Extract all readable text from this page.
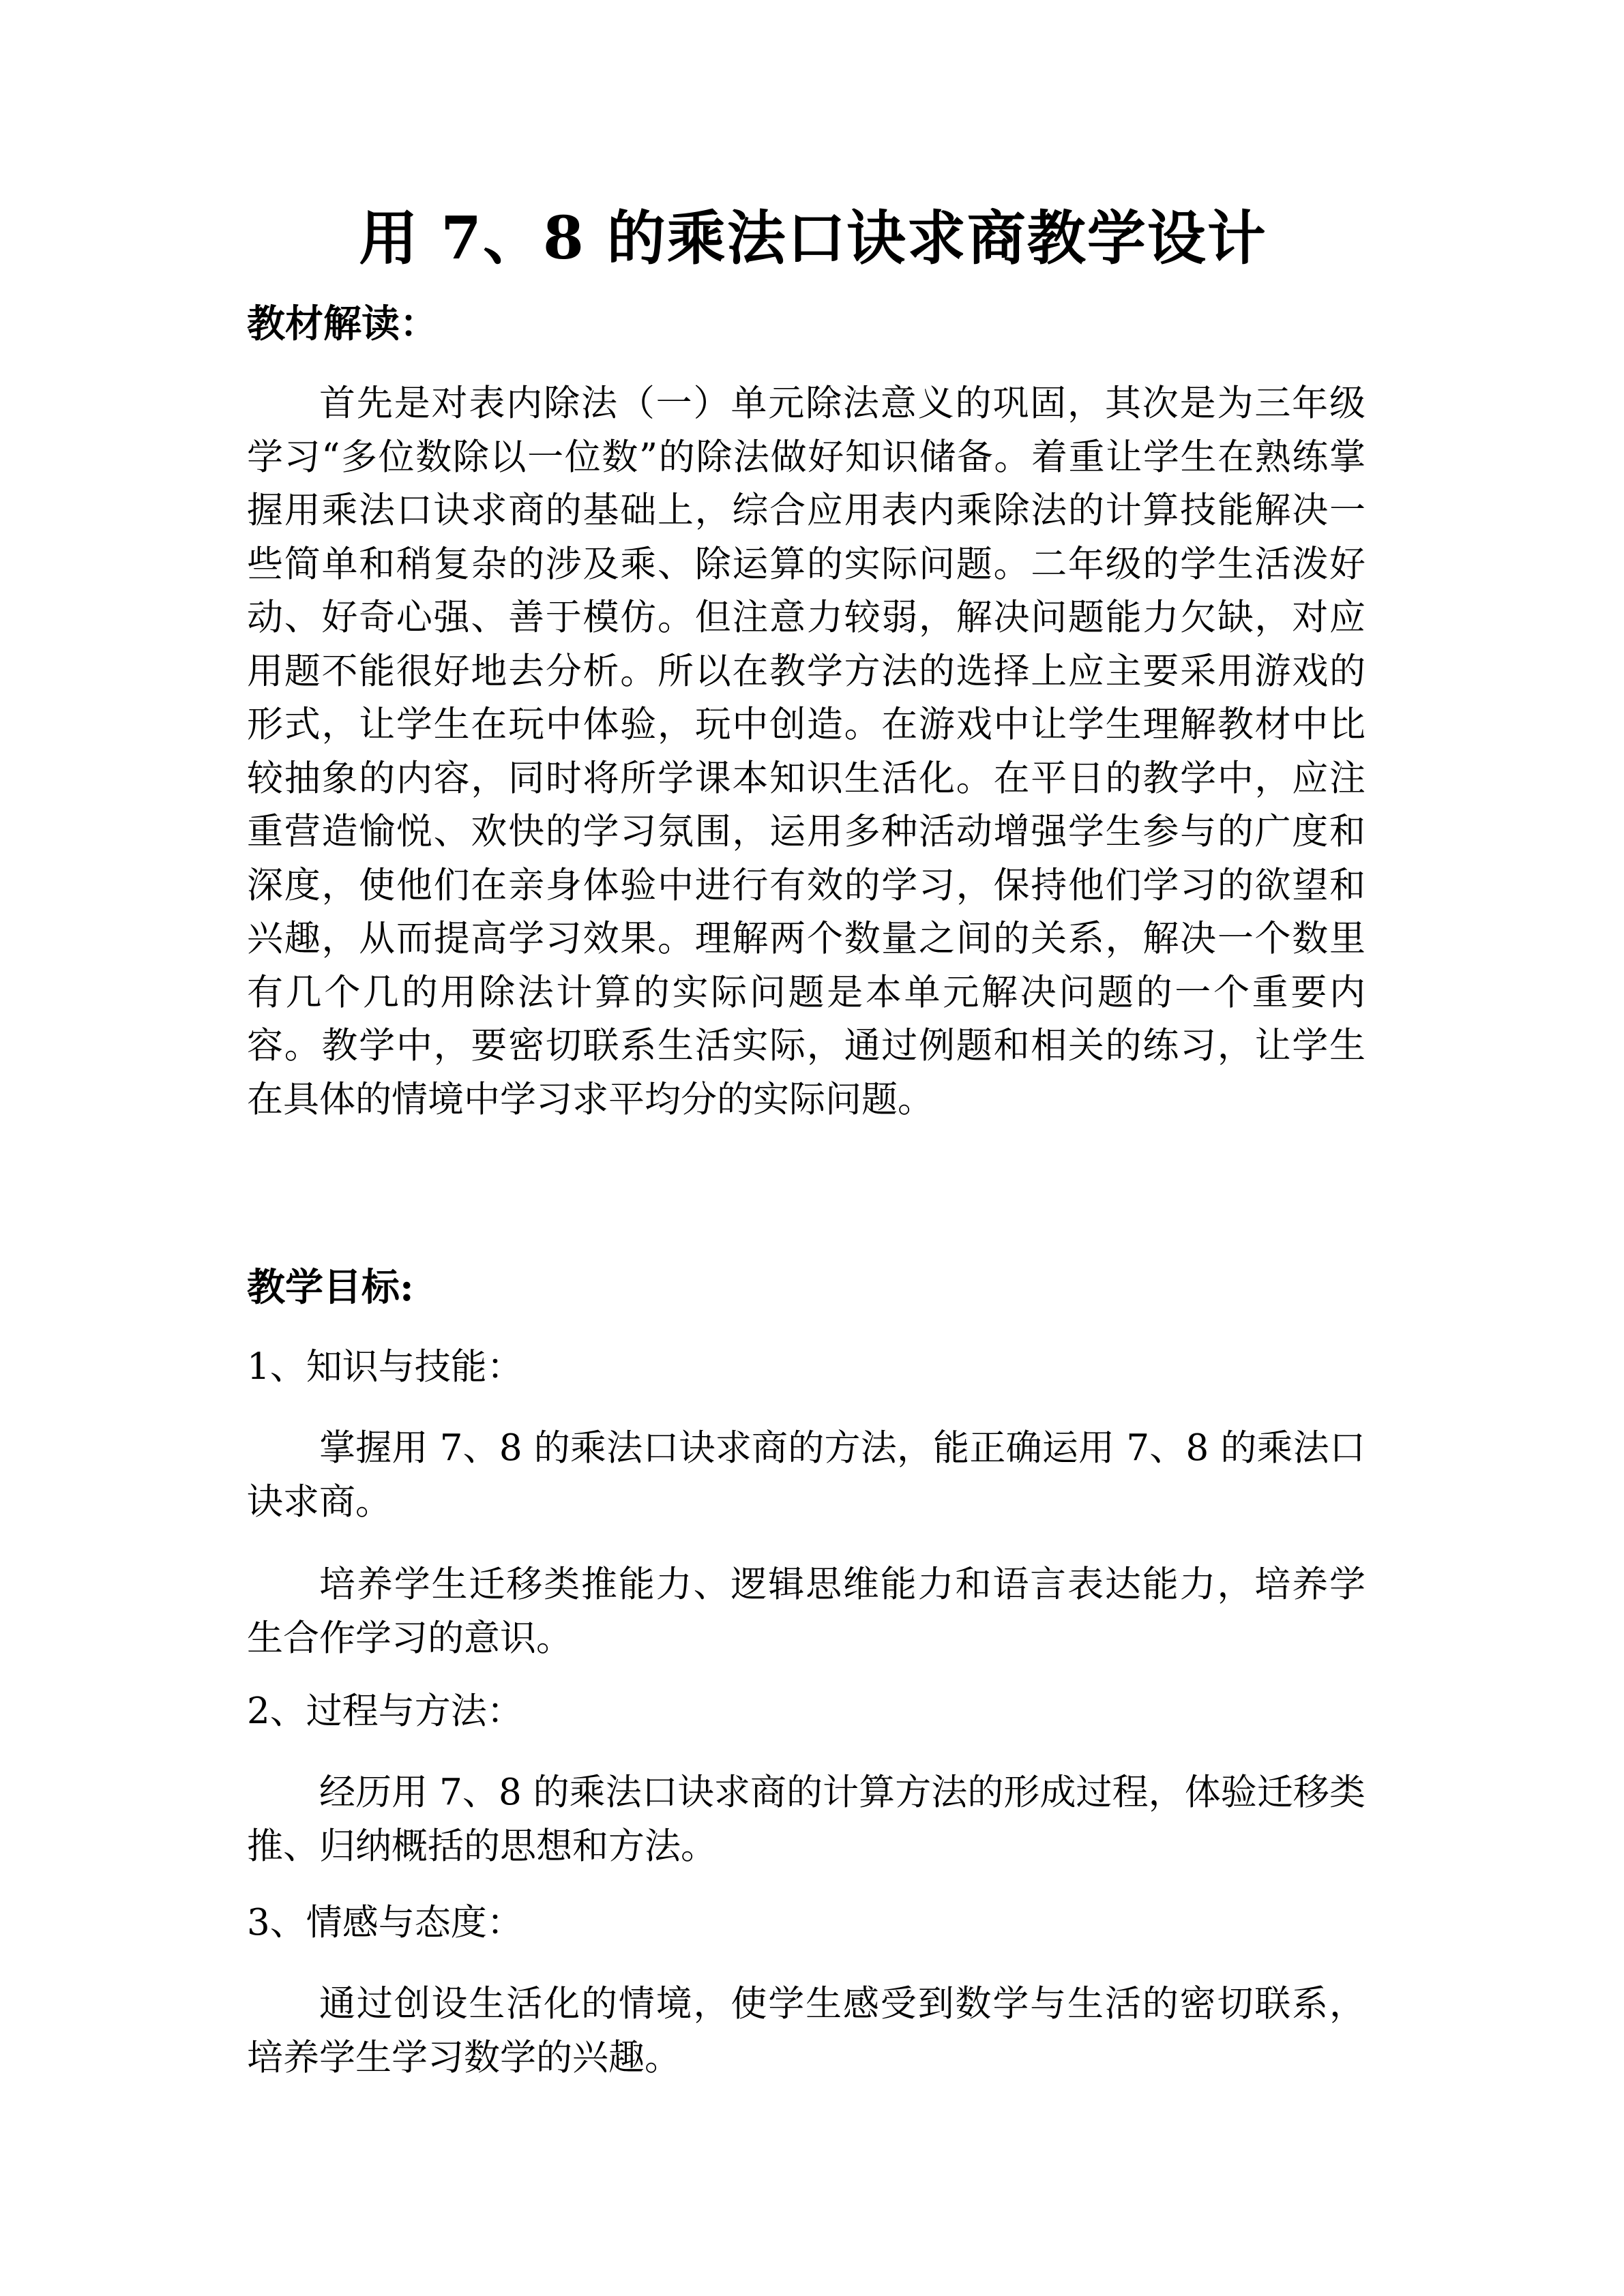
用 7、8 的乘法口诀求商教学设计
教材解读：

首先是对表内除法（一）单元除法意义的巩固，其次是为三年级学习“多位数除以一位数”的除法做好知识储备。着重让学生在熟练掌握用乘法口诀求商的基础上，综合应用表内乘除法的计算技能解决一些简单和稍复杂的涉及乘、除运算的实际问题。二年级的学生活泼好动、好奇心强、善于模仿。但注意力较弱，解决问题能力欠缺，对应用题不能很好地去分析。所以在教学方法的选择上应主要采用游戏的形式，让学生在玩中体验，玩中创造。在游戏中让学生理解教材中比较抽象的内容，同时将所学课本知识生活化。在平日的教学中，应注重营造愉悦、欢快的学习氛围，运用多种活动增强学生参与的广度和深度，使他们在亲身体验中进行有效的学习，保持他们学习的欲望和兴趣，从而提高学习效果。理解两个数量之间的关系，解决一个数里有几个几的用除法计算的实际问题是本单元解决问题的一个重要内容。教学中，要密切联系生活实际，通过例题和相关的练习，让学生在具体的情境中学习求平均分的实际问题。

教学目标:
1、知识与技能：

掌握用 7、8 的乘法口诀求商的方法，能正确运用 7、8 的乘法口诀求商。

培养学生迁移类推能力、逻辑思维能力和语言表达能力，培养学生合作学习的意识。

2、过程与方法：

经历用 7、8 的乘法口诀求商的计算方法的形成过程，体验迁移类推、归纳概括的思想和方法。

3、情感与态度：

通过创设生活化的情境，使学生感受到数学与生活的密切联系，培养学生学习数学的兴趣。
